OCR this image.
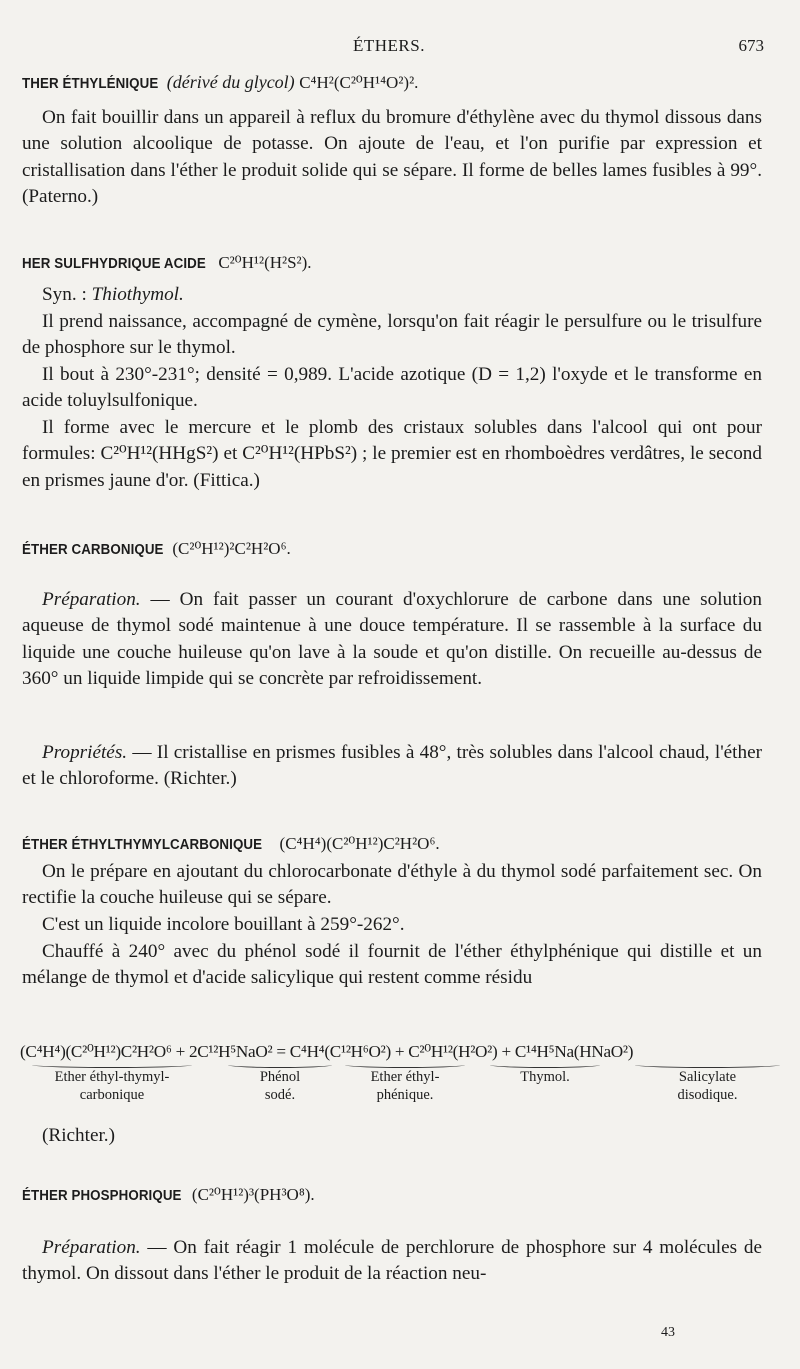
ÉTHERS.	673
THER ÉTHYLÉNIQUE (dérivé du glycol) C⁴H²(C²⁰H¹⁴O²)².

On fait bouillir dans un appareil à reflux du bromure d'éthylène avec du thymol dissous dans une solution alcoolique de potasse. On ajoute de l'eau, et l'on purifie par expression et cristallisation dans l'éther le produit solide qui se sépare. Il forme de belles lames fusibles à 99°. (Paterno.)

HER SULFHYDRIQUE ACIDE C²⁰H¹²(H²S²).

Syn. : Thiothymol.

Il prend naissance, accompagné de cymène, lorsqu'on fait réagir le persulfure ou le trisulfure de phosphore sur le thymol.

Il bout à 230°-231°; densité = 0,989. L'acide azotique (D = 1,2) l'oxyde et le transforme en acide toluylsulfonique.

Il forme avec le mercure et le plomb des cristaux solubles dans l'alcool qui ont pour formules: C²⁰H¹²(HHgS²) et C²⁰H¹²(HPbS²) ; le premier est en rhomboèdres verdâtres, le second en prismes jaune d'or. (Fittica.)

ÉTHER CARBONIQUE (C²⁰H¹²)²C²H²O⁶.

Préparation. — On fait passer un courant d'oxychlorure de carbone dans une solution aqueuse de thymol sodé maintenue à une douce température. Il se rassemble à la surface du liquide une couche huileuse qu'on lave à la soude et qu'on distille. On recueille au-dessus de 360° un liquide limpide qui se concrète par refroidissement.

Propriétés. — Il cristallise en prismes fusibles à 48°, très solubles dans l'alcool chaud, l'éther et le chloroforme. (Richter.)

ÉTHER ÉTHYLTHYMYLCARBONIQUE (C⁴H⁴)(C²⁰H¹²)C²H²O⁶.

On le prépare en ajoutant du chlorocarbonate d'éthyle à du thymol sodé parfaitement sec. On rectifie la couche huileuse qui se sépare.

C'est un liquide incolore bouillant à 259°-262°.

Chauffé à 240° avec du phénol sodé il fournit de l'éther éthylphénique qui distille et un mélange de thymol et d'acide salicylique qui restent comme résidu

(C⁴H⁴)(C²⁰H¹²)C²H²O⁶ + 2C¹²H⁵NaO² = C⁴H⁴(C¹²H⁶O²) + C²⁰H¹²(H²O²) + C¹⁴H⁵Na(HNaO²)
Ether éthyl-thymyl-
carbonique
Phénol
sodé.
Ether éthyl-
phénique.
Thymol.	Salicylate
disodique.

(Richter.)

ÉTHER PHOSPHORIQUE (C²⁰H¹²)³(PH³O⁸).

Préparation. — On fait réagir 1 molécule de perchlorure de phosphore sur 4 molécules de thymol. On dissout dans l'éther le produit de la réaction neu-

43
